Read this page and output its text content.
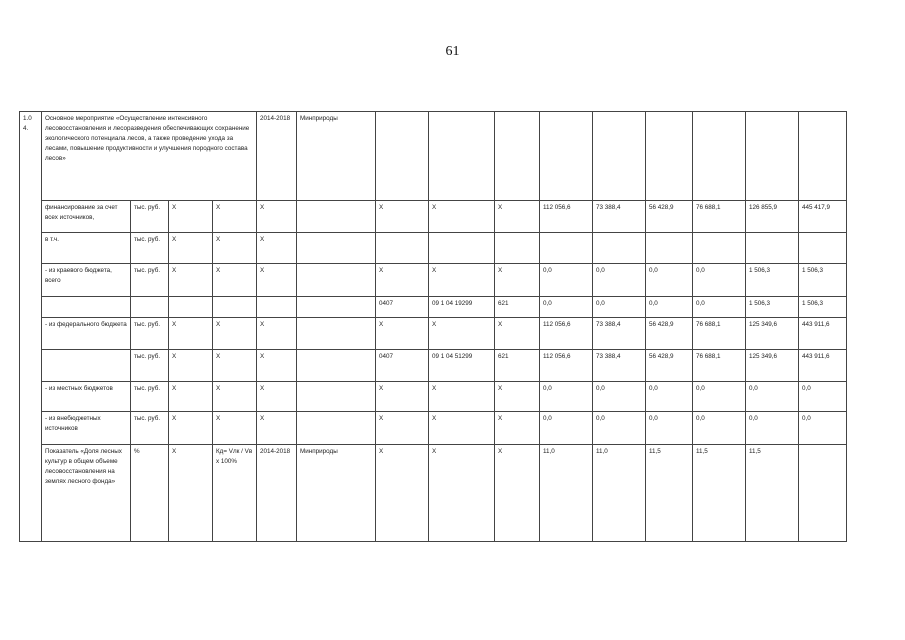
61
1.0 4.	Основное мероприятие «Осуществление интенсивного лесовосстановления и лесоразведения обеспечивающих сохранение экологического потенциала лесов, а также проведение ухода за лесами, повышение продуктивности и улучшения породного состава лесов»				2014-2018	Минприроды									
	финансирование за счет всех источников,	тыс. руб.	Х	Х	Х		Х	Х	Х	112 056,6	73 388,4	56 428,9	76 688,1	126 855,9	445 417,9
	в т.ч.	тыс. руб.	Х	Х	Х										
	- из краевого бюджета, всего	тыс. руб.	Х	Х	Х		Х	Х	Х	0,0	0,0	0,0	0,0	1 506,3	1 506,3
							0407	09 1 04 19299	621	0,0	0,0	0,0	0,0	1 506,3	1 506,3
	- из федерального бюджета	тыс. руб.	Х	Х	Х		Х	Х	Х	112 056,6	73 388,4	56 428,9	76 688,1	125 349,6	443 911,6
		тыс. руб.	Х	Х	Х		0407	09 1 04 51299	621	112 056,6	73 388,4	56 428,9	76 688,1	125 349,6	443 911,6
	- из местных бюджетов	тыс. руб.	Х	Х	Х		Х	Х	Х	0,0	0,0	0,0	0,0	0,0	0,0
	- из внебюджетных источников	тыс. руб.	Х	Х	Х		Х	Х	Х	0,0	0,0	0,0	0,0	0,0	0,0
	Показатель «Доля лесных культур в общем объеме лесовосстановления на землях лесного фонда»	%	Х	Кд= Vлк / Vв х 100%	2014-2018	Минприроды	Х	Х	Х	11,0	11,0	11,5	11,5	11,5	
